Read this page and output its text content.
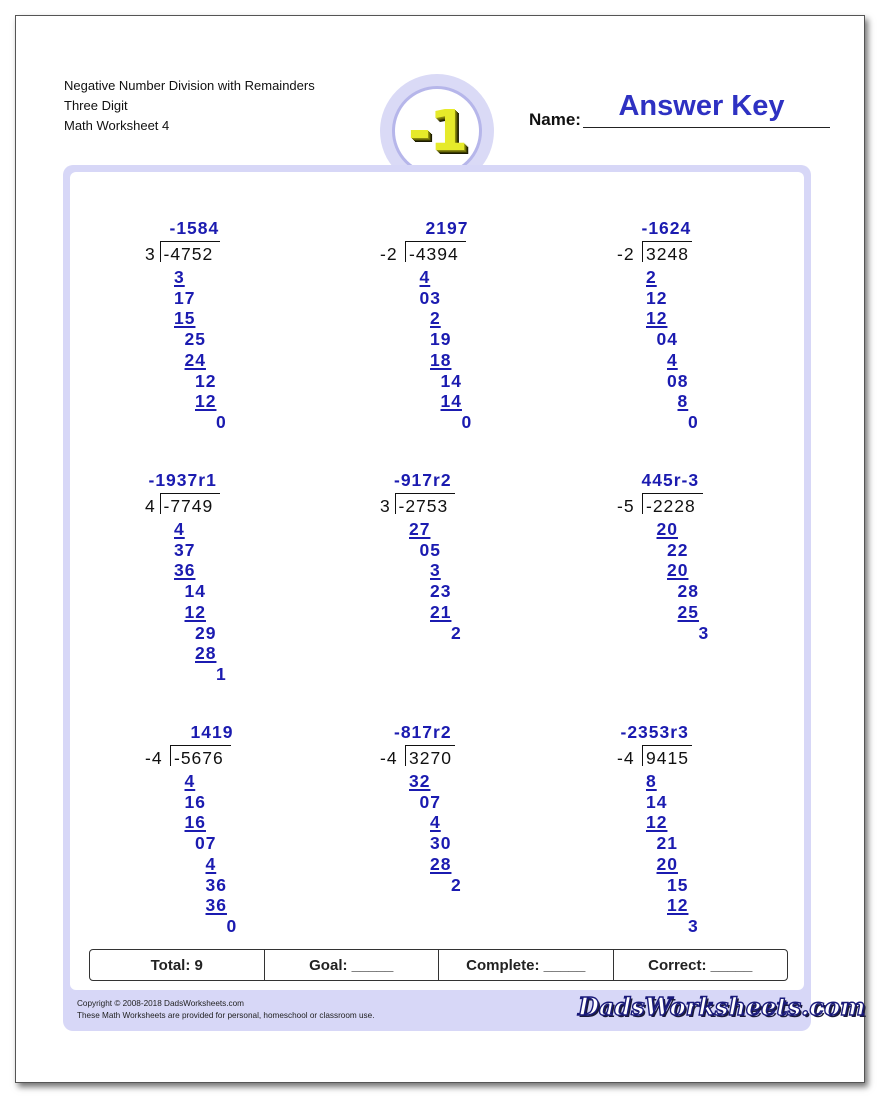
Negative Number Division with Remainders
Three Digit
Math Worksheet 4	-1	Name:	Answer Key
3 -4752
-1584
3
17
15
25
24
12
12
0
-2 -4394
2197
4
03
2
19
18
14
14
0
-2 3248
-1624
2
12
12
04
4
08
8
0
4 -7749
-1937r1
4
37
36
14
12
29
28
1
3 -2753
-917r2
27
05
3
23
21
2
-5 -2228
445r-3
20
22
20
28
25
3
-4 -5676
1419
4
16
16
07
4
36
36
0
-4 3270
-817r2
32
07
4
30
28
2
-4 9415
-2353r3
8
14
12
21
20
15
12
3
Total: 9	Goal: _____	Complete: _____	Correct: _____
Copyright © 2008-2018 DadsWorksheets.com
These Math Worksheets are provided for personal, homeschool or classroom use.	DadsWorksheets.com
